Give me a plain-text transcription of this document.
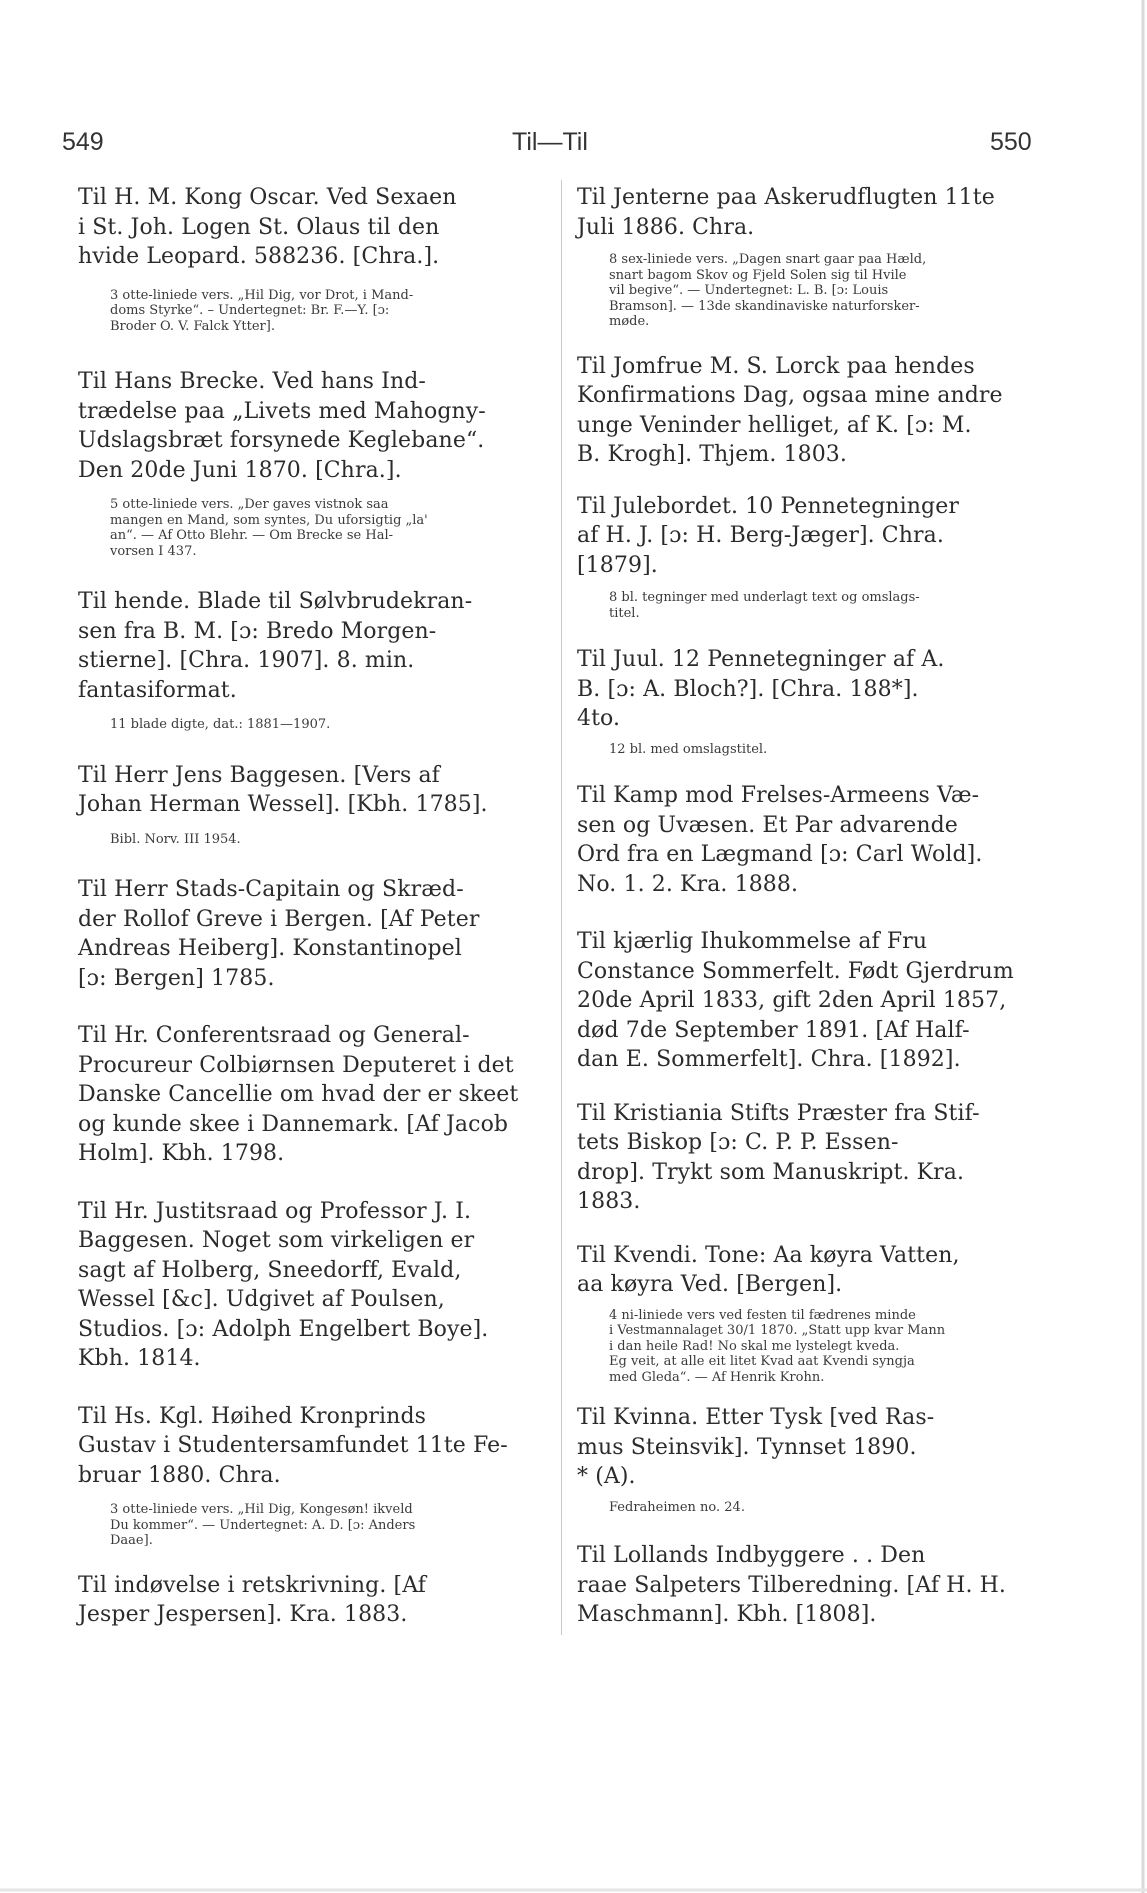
549	Til—Til	550

Til H. M. Kong Oscar. Ved Sexaen
i St. Joh. Logen St. Olaus til den
hvide Leopard. 588236. [Chra.].

3 otte-liniede vers. „Hil Dig, vor Drot, i Mand-
doms Styrke“. – Undertegnet: Br. F.—Y. [ɔ:
Broder O. V. Falck Ytter].

Til Hans Brecke. Ved hans Ind-
trædelse paa „Livets med Mahogny-
Udslagsbræt forsynede Keglebane“.
Den 20de Juni 1870. [Chra.].

5 otte-liniede vers. „Der gaves vistnok saa
mangen en Mand, som syntes, Du uforsigtig „la'
an“. — Af Otto Blehr. — Om Brecke se Hal-
vorsen I 437.

Til hende. Blade til Sølvbrudekran-
sen fra B. M. [ɔ: Bredo Morgen-
stierne]. [Chra. 1907]. 8. min.
fantasiformat.

11 blade digte, dat.: 1881—1907.

Til Herr Jens Baggesen. [Vers af
Johan Herman Wessel]. [Kbh. 1785].

Bibl. Norv. III 1954.

Til Herr Stads-Capitain og Skræd-
der Rollof Greve i Bergen. [Af Peter
Andreas Heiberg]. Konstantinopel
[ɔ: Bergen] 1785.

Til Hr. Conferentsraad og General-
Procureur Colbiørnsen Deputeret i det
Danske Cancellie om hvad der er skeet
og kunde skee i Dannemark. [Af Jacob
Holm]. Kbh. 1798.

Til Hr. Justitsraad og Professor J. I.
Baggesen. Noget som virkeligen er
sagt af Holberg, Sneedorff, Evald,
Wessel [&c]. Udgivet af Poulsen,
Studios. [ɔ: Adolph Engelbert Boye].
Kbh. 1814.

Til Hs. Kgl. Høihed Kronprinds
Gustav i Studentersamfundet 11te Fe-
bruar 1880. Chra.

3 otte-liniede vers. „Hil Dig, Kongesøn! ikveld
Du kommer“. — Undertegnet: A. D. [ɔ: Anders
Daae].

Til indøvelse i retskrivning. [Af
Jesper Jespersen]. Kra. 1883.

Til Jenterne paa Askerudflugten 11te
Juli 1886. Chra.

8 sex-liniede vers. „Dagen snart gaar paa Hæld,
snart bagom Skov og Fjeld Solen sig til Hvile
vil begive“. — Undertegnet: L. B. [ɔ: Louis
Bramson]. — 13de skandinaviske naturforsker-
møde.

Til Jomfrue M. S. Lorck paa hendes
Konfirmations Dag, ogsaa mine andre
unge Veninder helliget, af K. [ɔ: M.
B. Krogh]. Thjem. 1803.

Til Julebordet. 10 Pennetegninger
af H. J. [ɔ: H. Berg-Jæger]. Chra.
[1879].

8 bl. tegninger med underlagt text og omslags-
titel.

Til Juul. 12 Pennetegninger af A.
B. [ɔ: A. Bloch?]. [Chra. 188*].
4to.

12 bl. med omslagstitel.

Til Kamp mod Frelses-Armeens Væ-
sen og Uvæsen. Et Par advarende
Ord fra en Lægmand [ɔ: Carl Wold].
No. 1. 2. Kra. 1888.

Til kjærlig Ihukommelse af Fru
Constance Sommerfelt. Født Gjerdrum
20de April 1833, gift 2den April 1857,
død 7de September 1891. [Af Half-
dan E. Sommerfelt]. Chra. [1892].

Til Kristiania Stifts Præster fra Stif-
tets Biskop [ɔ: C. P. P. Essen-
drop]. Trykt som Manuskript. Kra.
1883.

Til Kvendi. Tone: Aa køyra Vatten,
aa køyra Ved. [Bergen].

4 ni-liniede vers ved festen til fædrenes minde
i Vestmannalaget 30/1 1870. „Statt upp kvar Mann
i dan heile Rad! No skal me lystelegt kveda.
Eg veit, at alle eit litet Kvad aat Kvendi syngja
med Gleda“. — Af Henrik Krohn.

Til Kvinna. Etter Tysk [ved Ras-
mus Steinsvik]. Tynnset 1890.
* (A).

Fedraheimen no. 24.

Til Lollands Indbyggere . . Den
raae Salpeters Tilberedning. [Af H. H.
Maschmann]. Kbh. [1808].
